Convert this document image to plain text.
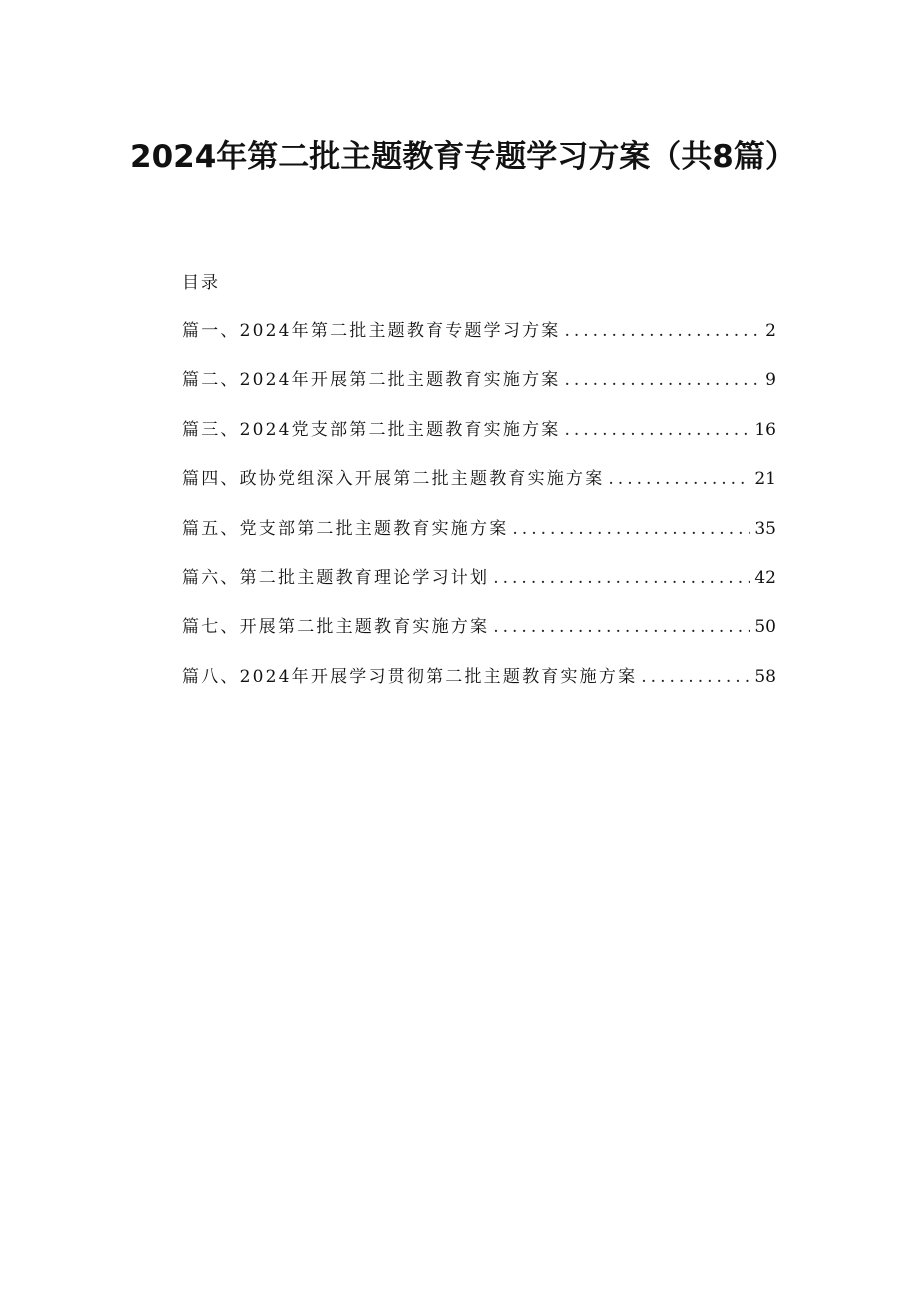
2024年第二批主题教育专题学习方案（共8篇）
目录
篇一、2024年第二批主题教育专题学习方案 .....	2
篇二、2024年开展第二批主题教育实施方案 .....	9
篇三、2024党支部第二批主题教育实施方案 .....	16
篇四、政协党组深入开展第二批主题教育实施方案 .....	21
篇五、党支部第二批主题教育实施方案 .....	35
篇六、第二批主题教育理论学习计划 .....	42
篇七、开展第二批主题教育实施方案 .....	50
篇八、2024年开展学习贯彻第二批主题教育实施方案 .....	58
